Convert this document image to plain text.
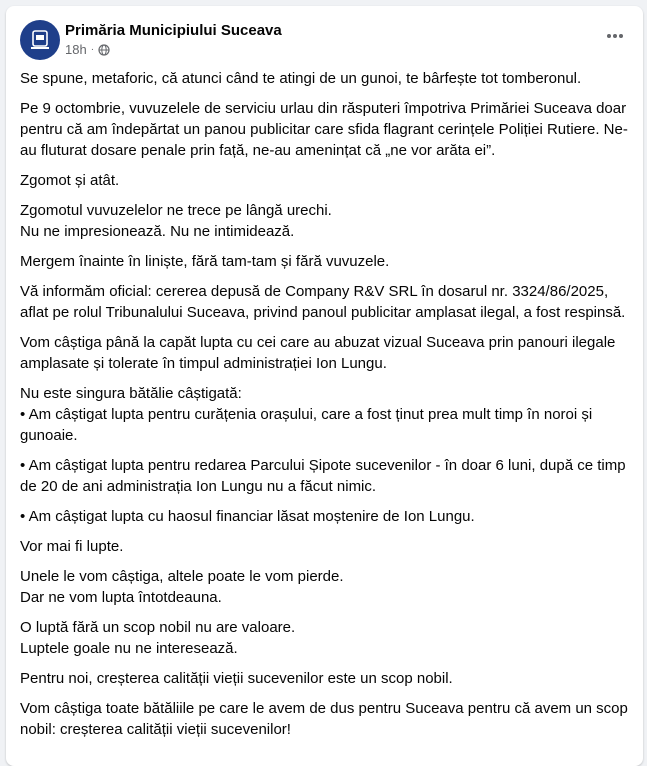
Primăria Municipiului Suceava
18h ·

Se spune, metaforic, că atunci când te atingi de un gunoi, te bârfește tot tomberonul.

Pe 9 octombrie, vuvuzelele de serviciu urlau din răsputeri împotriva Primăriei Suceava doar pentru că am îndepărtat un panou publicitar care sfida flagrant cerințele Poliției Rutiere. Ne-au fluturat dosare penale prin față, ne-au amenințat că „ne vor arăta ei”.

Zgomot și atât.

Zgomotul vuvuzelelor ne trece pe lângă urechi.
Nu ne impresionează. Nu ne intimidează.

Mergem înainte în liniște, fără tam-tam și fără vuvuzele.

Vă informăm oficial: cererea depusă de Company R&V SRL în dosarul nr. 3324/86/2025, aflat pe rolul Tribunalului Suceava, privind panoul publicitar amplasat ilegal, a fost respinsă.

Vom câștiga până la capăt lupta cu cei care au abuzat vizual Suceava prin panouri ilegale amplasate și tolerate în timpul administrației Ion Lungu.

Nu este singura bătălie câștigată:
• Am câștigat lupta pentru curățenia orașului, care a fost ținut prea mult timp în noroi și gunoaie.

• Am câștigat lupta pentru redarea Parcului Șipote sucevenilor - în doar 6 luni, după ce timp de 20 de ani administrația Ion Lungu nu a făcut nimic.

• Am câștigat lupta cu haosul financiar lăsat moștenire de Ion Lungu.

Vor mai fi lupte.

Unele le vom câștiga, altele poate le vom pierde.
Dar ne vom lupta întotdeauna.

O luptă fără un scop nobil nu are valoare.
Luptele goale nu ne interesează.

Pentru noi, creșterea calității vieții sucevenilor este un scop nobil.

Vom câștiga toate bătăliile pe care le avem de dus pentru Suceava pentru că avem un scop nobil: creșterea calității vieții sucevenilor!
